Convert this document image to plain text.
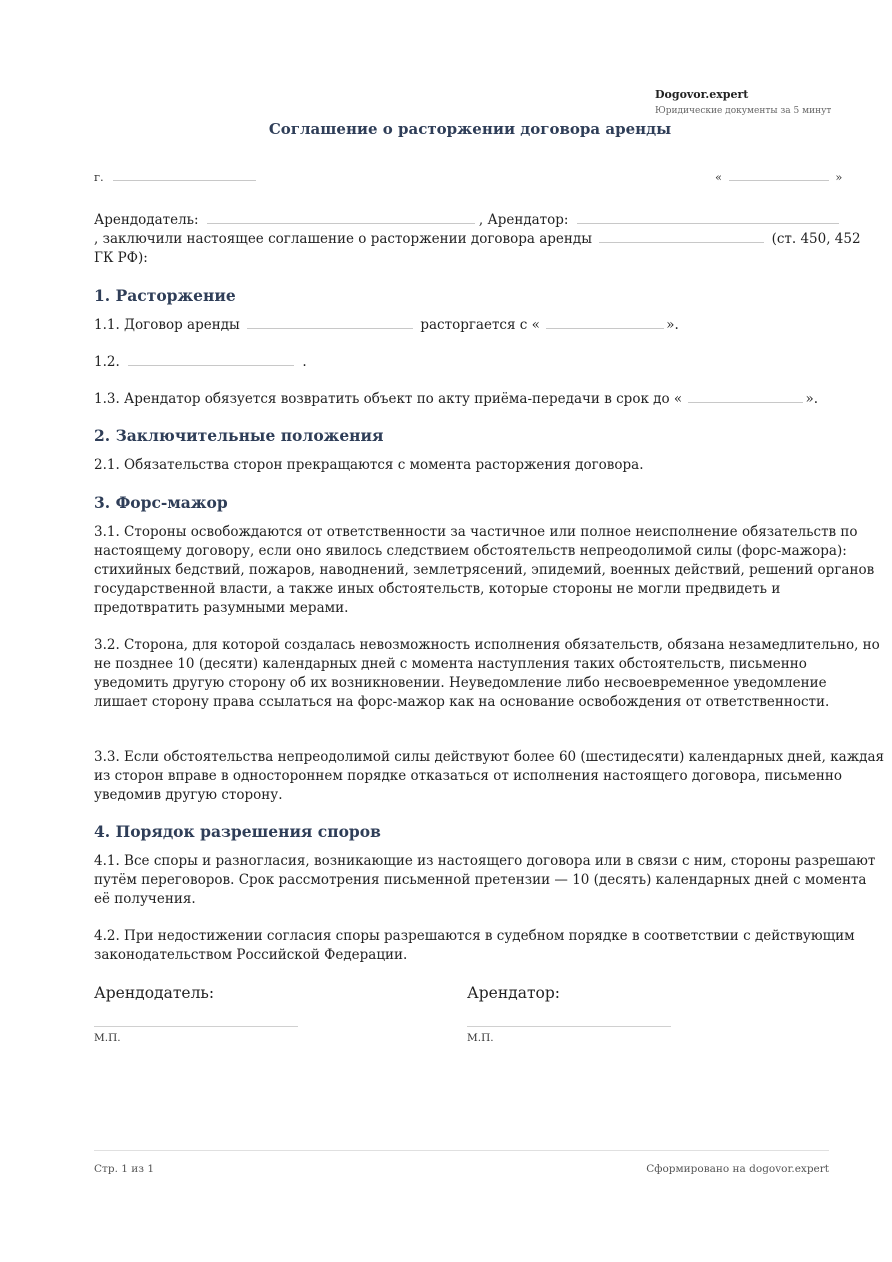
Dogovor.expert
Юридические документы за 5 минут
Соглашение о расторжении договора аренды
г.	«	»
Арендодатель:	, Арендатор:
, заключили настоящее соглашение о расторжении договора аренды	(ст. 450, 452
ГК РФ):
1. Расторжение
1.1. Договор аренды	расторгается с «	».
1.2.	.
1.3. Арендатор обязуется возвратить объект по акту приёма-передачи в срок до «	».
2. Заключительные положения
2.1. Обязательства сторон прекращаются с момента расторжения договора.
3. Форс-мажор
3.1. Стороны освобождаются от ответственности за частичное или полное неисполнение обязательств по настоящему договору, если оно явилось следствием обстоятельств непреодолимой силы (форс-мажора): стихийных бедствий, пожаров, наводнений, землетрясений, эпидемий, военных действий, решений органов государственной власти, а также иных обстоятельств, которые стороны не могли предвидеть и предотвратить разумными мерами.
3.2. Сторона, для которой создалась невозможность исполнения обязательств, обязана незамедлительно, но не позднее 10 (десяти) календарных дней с момента наступления таких обстоятельств, письменно уведомить другую сторону об их возникновении. Неуведомление либо несвоевременное уведомление лишает сторону права ссылаться на форс-мажор как на основание освобождения от ответственности.
3.3. Если обстоятельства непреодолимой силы действуют более 60 (шестидесяти) календарных дней, каждая из сторон вправе в одностороннем порядке отказаться от исполнения настоящего договора, письменно уведомив другую сторону.
4. Порядок разрешения споров
4.1. Все споры и разногласия, возникающие из настоящего договора или в связи с ним, стороны разрешают путём переговоров. Срок рассмотрения письменной претензии — 10 (десять) календарных дней с момента её получения.
4.2. При недостижении согласия споры разрешаются в судебном порядке в соответствии с действующим законодательством Российской Федерации.
Арендодатель:	Арендатор:
М.П.	М.П.
Стр. 1 из 1	Сформировано на dogovor.expert
